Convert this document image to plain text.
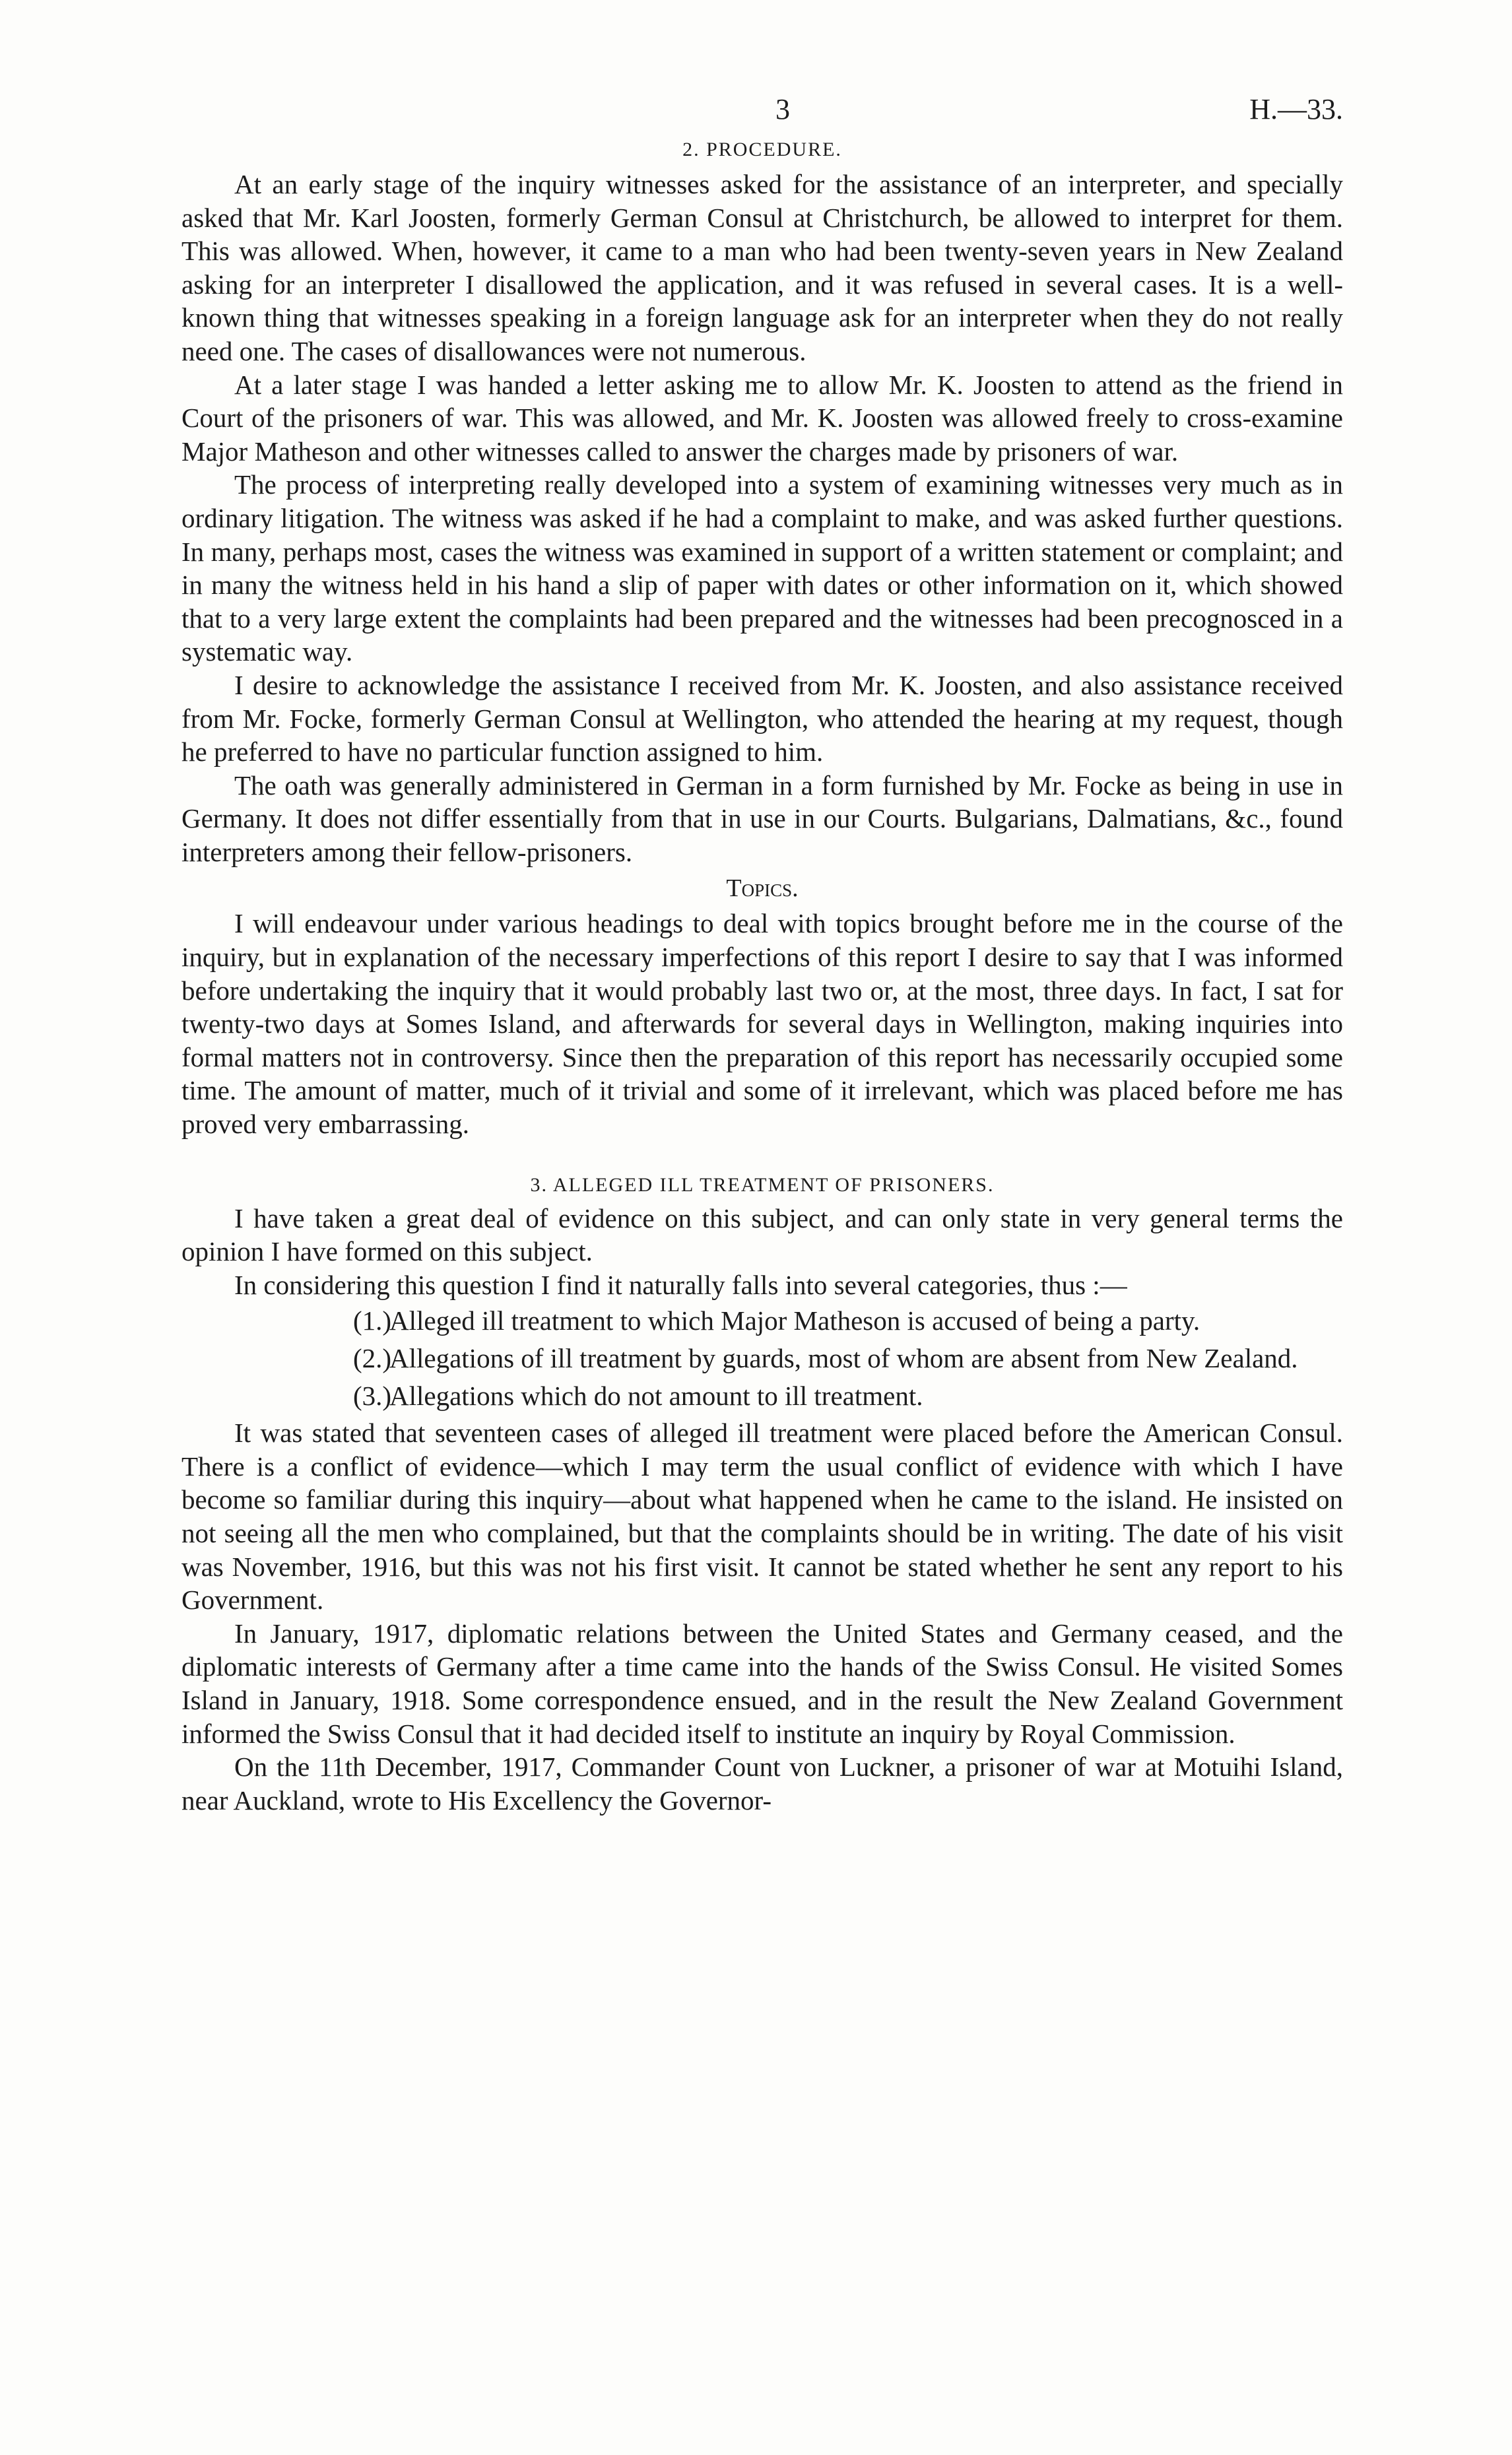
3	H.—33.
2. PROCEDURE.

At an early stage of the inquiry witnesses asked for the assistance of an interpreter, and specially asked that Mr. Karl Joosten, formerly German Consul at Christchurch, be allowed to interpret for them. This was allowed. When, however, it came to a man who had been twenty-seven years in New Zealand asking for an interpreter I disallowed the application, and it was refused in several cases. It is a well-known thing that witnesses speaking in a foreign language ask for an interpreter when they do not really need one. The cases of disallowances were not numerous.

At a later stage I was handed a letter asking me to allow Mr. K. Joosten to attend as the friend in Court of the prisoners of war. This was allowed, and Mr. K. Joosten was allowed freely to cross-examine Major Matheson and other witnesses called to answer the charges made by prisoners of war.

The process of interpreting really developed into a system of examining witnesses very much as in ordinary litigation. The witness was asked if he had a complaint to make, and was asked further questions. In many, perhaps most, cases the witness was examined in support of a written statement or complaint; and in many the witness held in his hand a slip of paper with dates or other information on it, which showed that to a very large extent the complaints had been prepared and the witnesses had been precognosced in a systematic way.

I desire to acknowledge the assistance I received from Mr. K. Joosten, and also assistance received from Mr. Focke, formerly German Consul at Wellington, who attended the hearing at my request, though he preferred to have no particular function assigned to him.

The oath was generally administered in German in a form furnished by Mr. Focke as being in use in Germany. It does not differ essentially from that in use in our Courts. Bulgarians, Dalmatians, &c., found interpreters among their fellow-prisoners.

Topics.

I will endeavour under various headings to deal with topics brought before me in the course of the inquiry, but in explanation of the necessary imperfections of this report I desire to say that I was informed before undertaking the inquiry that it would probably last two or, at the most, three days. In fact, I sat for twenty-two days at Somes Island, and afterwards for several days in Wellington, making inquiries into formal matters not in controversy. Since then the preparation of this report has necessarily occupied some time. The amount of matter, much of it trivial and some of it irrelevant, which was placed before me has proved very embarrassing.

3. ALLEGED ILL TREATMENT OF PRISONERS.

I have taken a great deal of evidence on this subject, and can only state in very general terms the opinion I have formed on this subject.

In considering this question I find it naturally falls into several categories, thus :—

(1.)Alleged ill treatment to which Major Matheson is accused of being a party.
(2.)Allegations of ill treatment by guards, most of whom are absent from New Zealand.
(3.)Allegations which do not amount to ill treatment.

It was stated that seventeen cases of alleged ill treatment were placed before the American Consul. There is a conflict of evidence—which I may term the usual conflict of evidence with which I have become so familiar during this inquiry—about what happened when he came to the island. He insisted on not seeing all the men who complained, but that the complaints should be in writing. The date of his visit was November, 1916, but this was not his first visit. It cannot be stated whether he sent any report to his Government.

In January, 1917, diplomatic relations between the United States and Germany ceased, and the diplomatic interests of Germany after a time came into the hands of the Swiss Consul. He visited Somes Island in January, 1918. Some correspondence ensued, and in the result the New Zealand Government informed the Swiss Consul that it had decided itself to institute an inquiry by Royal Commission.

On the 11th December, 1917, Commander Count von Luckner, a prisoner of war at Motuihi Island, near Auckland, wrote to His Excellency the Governor-
